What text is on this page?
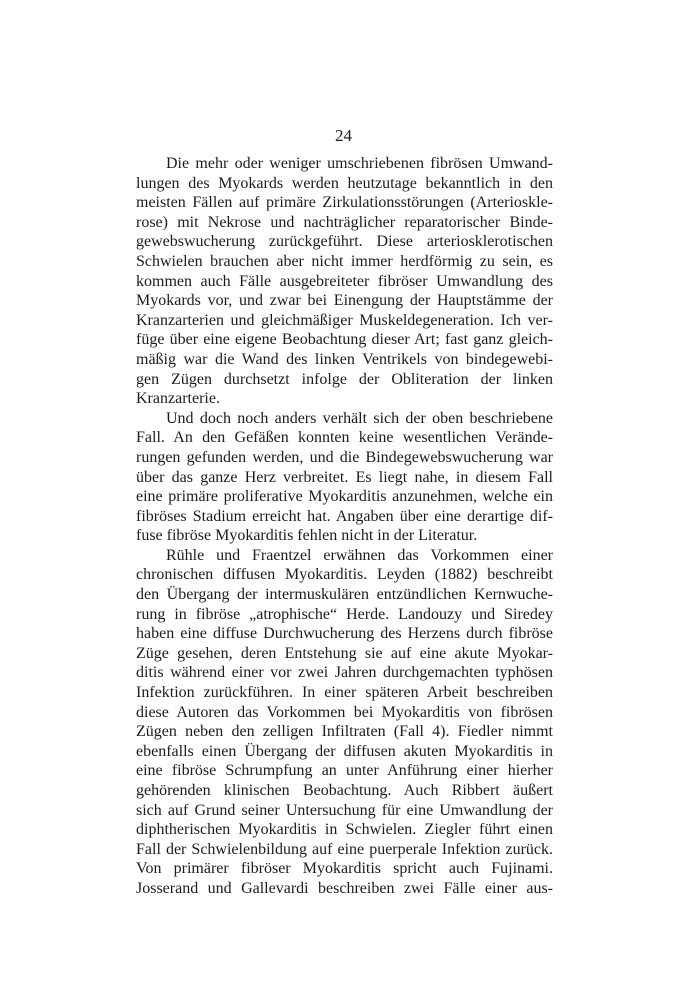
24
Die mehr oder weniger umschriebenen fibrösen Umwand-
lungen des Myokards werden heutzutage bekanntlich in den
meisten Fällen auf primäre Zirkulationsstörungen (Arterioskle-
rose) mit Nekrose und nachträglicher reparatorischer Binde-
gewebswucherung zurückgeführt. Diese arteriosklerotischen
Schwielen brauchen aber nicht immer herdförmig zu sein, es
kommen auch Fälle ausgebreiteter fibröser Umwandlung des
Myokards vor, und zwar bei Einengung der Hauptstämme der
Kranzarterien und gleichmäßiger Muskeldegeneration. Ich ver-
füge über eine eigene Beobachtung dieser Art; fast ganz gleich-
mäßig war die Wand des linken Ventrikels von bindegewebi-
gen Zügen durchsetzt infolge der Obliteration der linken
Kranzarterie.
Und doch noch anders verhält sich der oben beschriebene
Fall. An den Gefäßen konnten keine wesentlichen Verände-
rungen gefunden werden, und die Bindegewebswucherung war
über das ganze Herz verbreitet. Es liegt nahe, in diesem Fall
eine primäre proliferative Myokarditis anzunehmen, welche ein
fibröses Stadium erreicht hat. Angaben über eine derartige dif-
fuse fibröse Myokarditis fehlen nicht in der Literatur.
Rühle und Fraentzel erwähnen das Vorkommen einer
chronischen diffusen Myokarditis. Leyden (1882) beschreibt
den Übergang der intermuskulären entzündlichen Kernwuche-
rung in fibröse „atrophische“ Herde. Landouzy und Siredey
haben eine diffuse Durchwucherung des Herzens durch fibröse
Züge gesehen, deren Entstehung sie auf eine akute Myokar-
ditis während einer vor zwei Jahren durchgemachten typhösen
Infektion zurückführen. In einer späteren Arbeit beschreiben
diese Autoren das Vorkommen bei Myokarditis von fibrösen
Zügen neben den zelligen Infiltraten (Fall 4). Fiedler nimmt
ebenfalls einen Übergang der diffusen akuten Myokarditis in
eine fibröse Schrumpfung an unter Anführung einer hierher
gehörenden klinischen Beobachtung. Auch Ribbert äußert
sich auf Grund seiner Untersuchung für eine Umwandlung der
diphtherischen Myokarditis in Schwielen. Ziegler führt einen
Fall der Schwielenbildung auf eine puerperale Infektion zurück.
Von primärer fibröser Myokarditis spricht auch Fujinami.
Josserand und Gallevardi beschreiben zwei Fälle einer aus-
